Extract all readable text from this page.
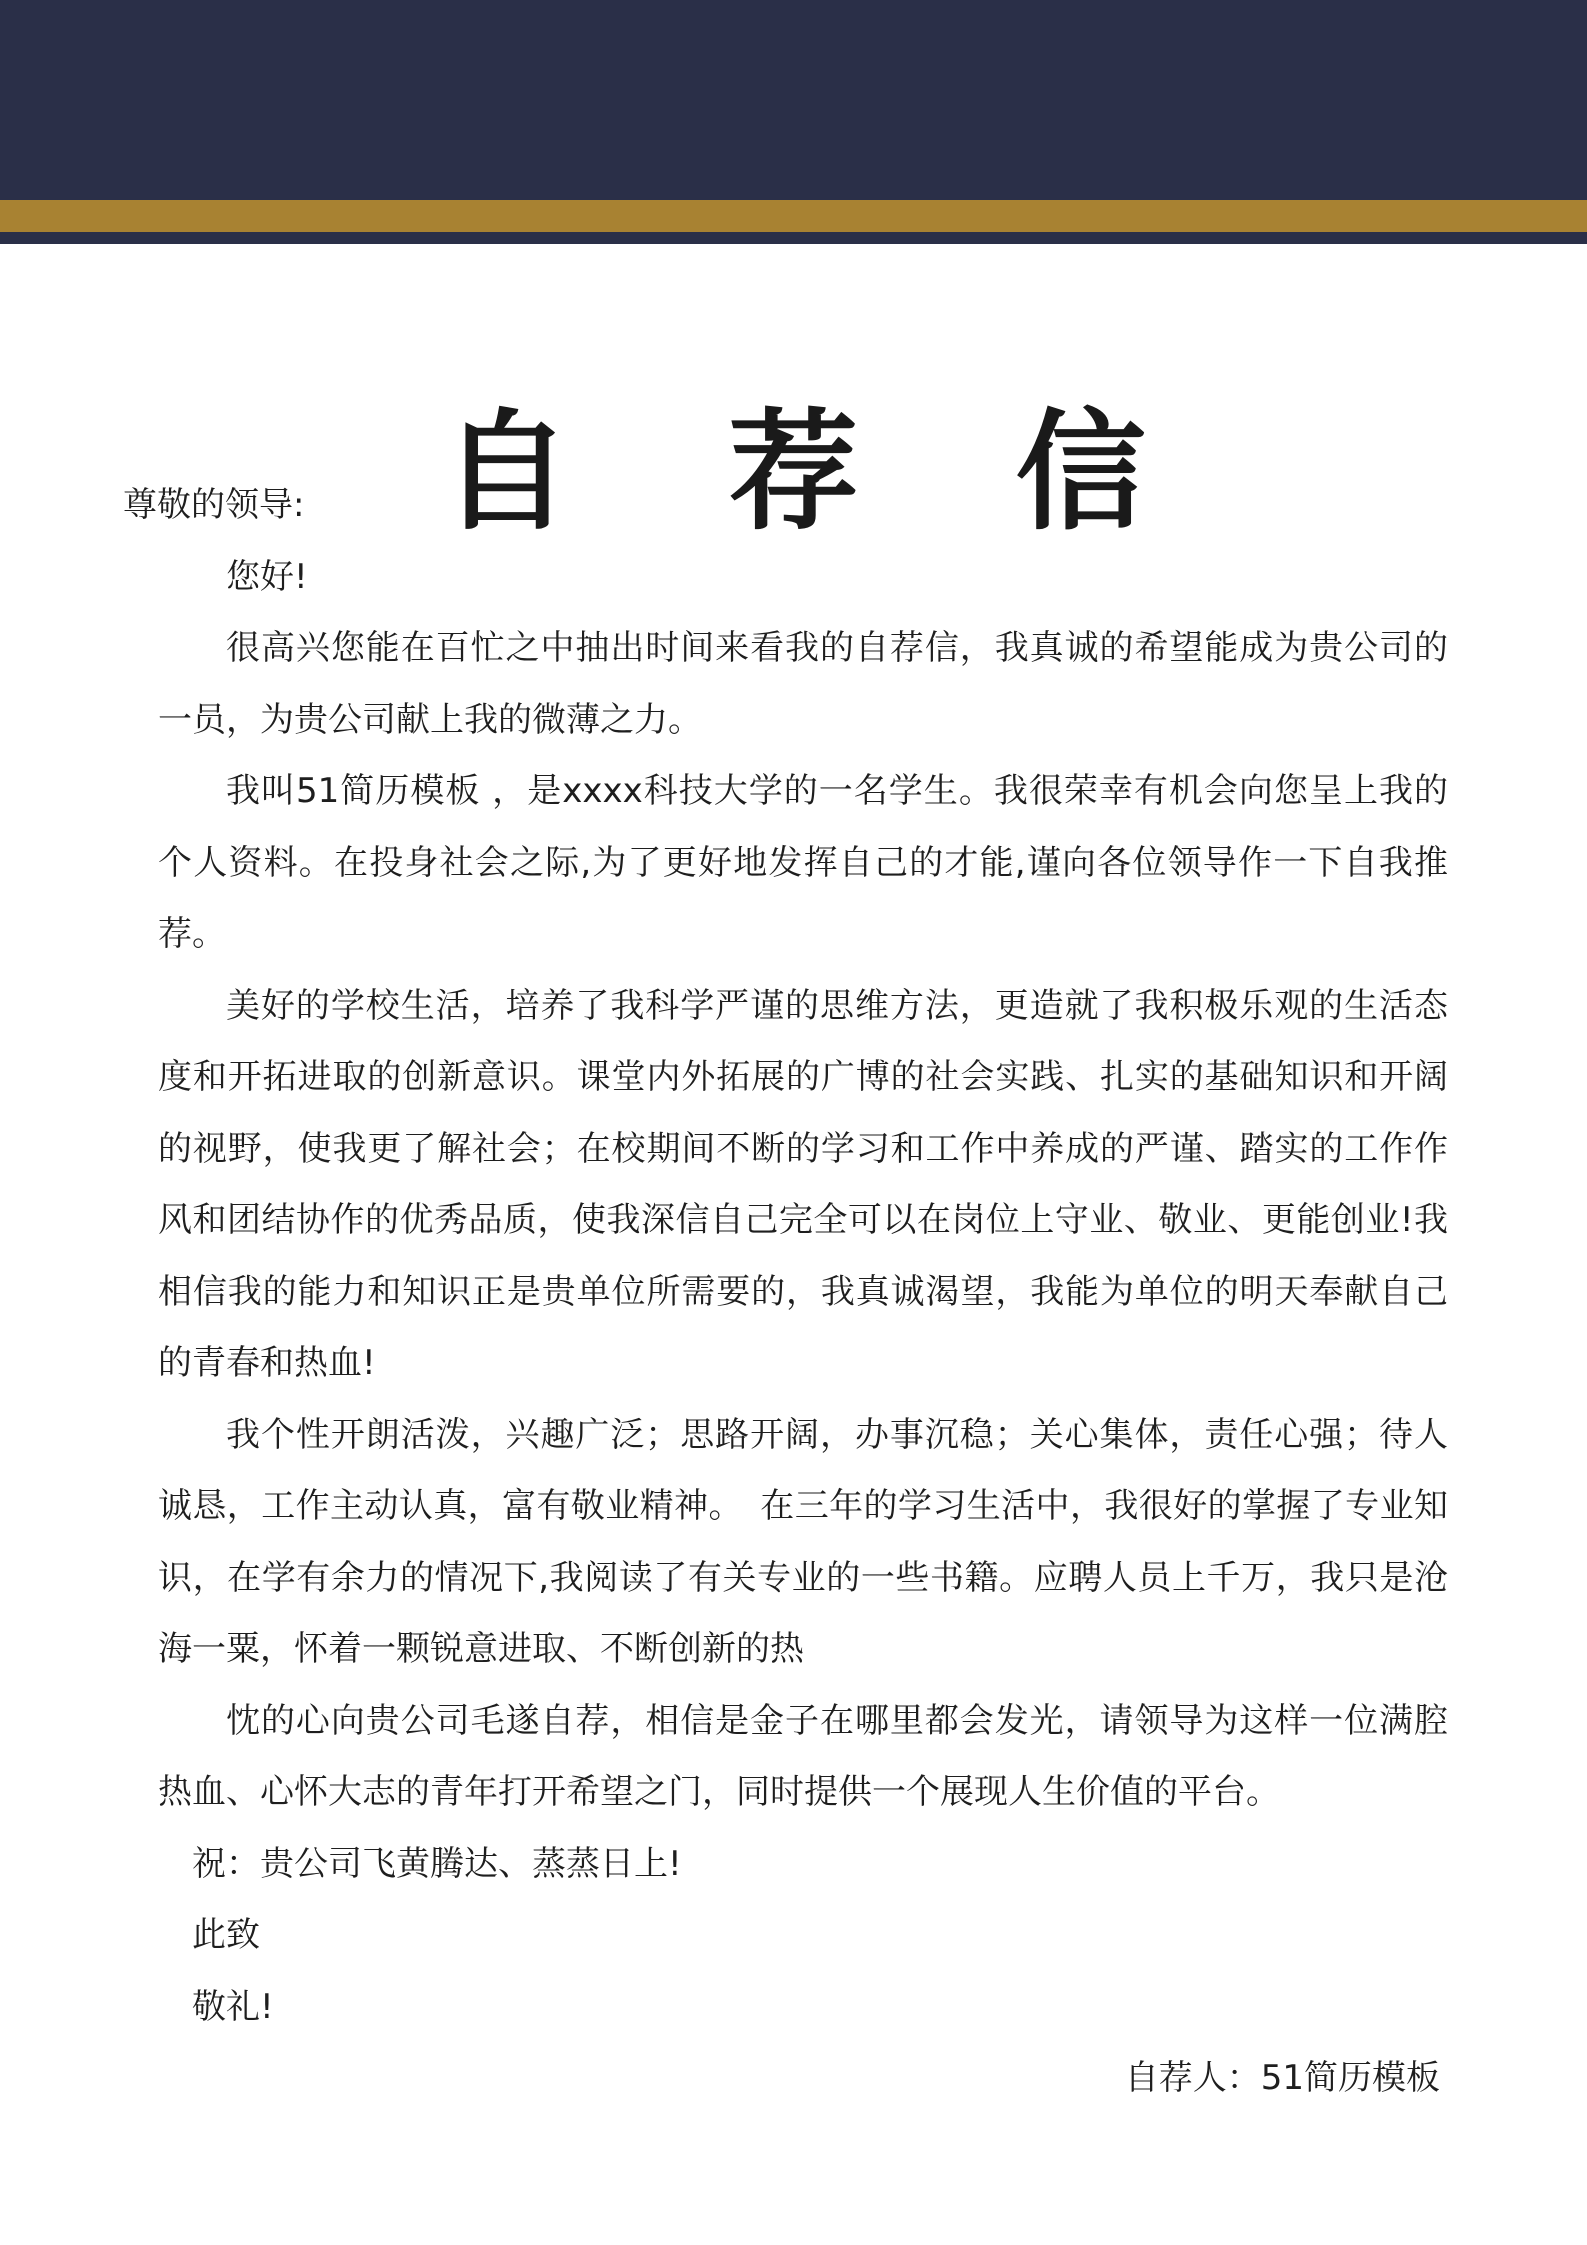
自 荐 信

尊敬的领导:

您好!

很高兴您能在百忙之中抽出时间来看我的自荐信，我真诚的希望能成为贵公司的一员，为贵公司献上我的微薄之力。

我叫51简历模板 ，是xxxx科技大学的一名学生。我很荣幸有机会向您呈上我的个人资料。在投身社会之际,为了更好地发挥自己的才能,谨向各位领导作一下自我推荐。

美好的学校生活，培养了我科学严谨的思维方法，更造就了我积极乐观的生活态度和开拓进取的创新意识。课堂内外拓展的广博的社会实践、扎实的基础知识和开阔的视野，使我更了解社会；在校期间不断的学习和工作中养成的严谨、踏实的工作作风和团结协作的优秀品质，使我深信自己完全可以在岗位上守业、敬业、更能创业!我相信我的能力和知识正是贵单位所需要的，我真诚渴望，我能为单位的明天奉献自己的青春和热血!

我个性开朗活泼，兴趣广泛；思路开阔，办事沉稳；关心集体，责任心强；待人诚恳，工作主动认真，富有敬业精神。　在三年的学习生活中，我很好的掌握了专业知识，在学有余力的情况下,我阅读了有关专业的一些书籍。应聘人员上千万，我只是沧海一粟，怀着一颗锐意进取、不断创新的热

忱的心向贵公司毛遂自荐，相信是金子在哪里都会发光，请领导为这样一位满腔热血、心怀大志的青年打开希望之门，同时提供一个展现人生价值的平台。

祝：贵公司飞黄腾达、蒸蒸日上!

此致

敬礼!

自荐人：51简历模板
